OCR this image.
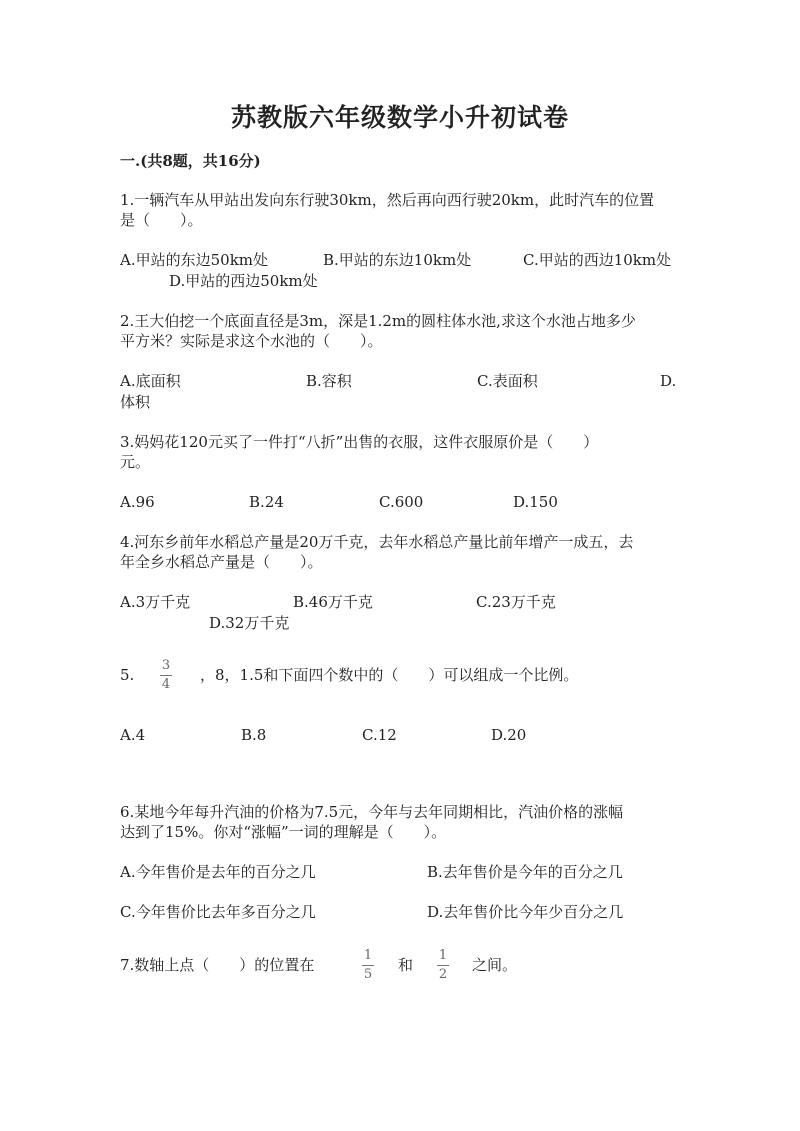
苏教版六年级数学小升初试卷
一.(共8题，共16分)
1.一辆汽车从甲站出发向东行驶30km，然后再向西行驶20km，此时汽车的位置
是（　　）。
A.甲站的东边50km处	B.甲站的东边10km处	C.甲站的西边10km处
D.甲站的西边50km处
2.王大伯挖一个底面直径是3m，深是1.2m的圆柱体水池,求这个水池占地多少
平方米？实际是求这个水池的（　　）。
A.底面积	B.容积	C.表面积	D.
体积
3.妈妈花120元买了一件打“八折”出售的衣服，这件衣服原价是（　　）
元。
A.96	B.24	C.600	D.150
4.河东乡前年水稻总产量是20万千克，去年水稻总产量比前年增产一成五，去
年全乡水稻总产量是（　　）。
A.3万千克	B.46万千克	C.23万千克
D.32万千克
5.
3
4
，8，1.5和下面四个数中的（　　）可以组成一个比例。
A.4	B.8	C.12	D.20
6.某地今年每升汽油的价格为7.5元，今年与去年同期相比，汽油价格的涨幅
达到了15%。你对“涨幅”一词的理解是（　　）。
A.今年售价是去年的百分之几	B.去年售价是今年的百分之几
C.今年售价比去年多百分之几	D.去年售价比今年少百分之几
7.数轴上点（　　）的位置在
1
5
和
1
2
之间。
